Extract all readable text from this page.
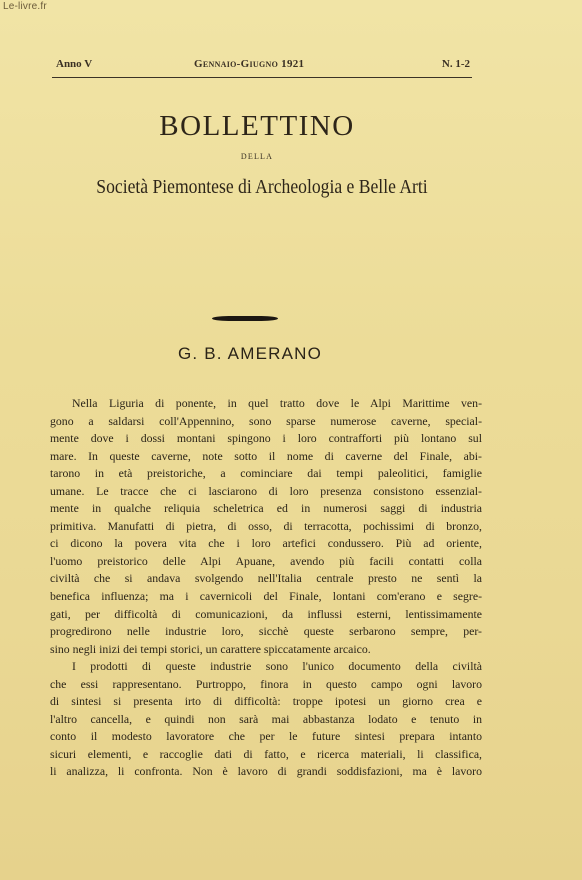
Le-livre.fr
Anno V	Gennaio-Giugno 1921	N. 1-2
BOLLETTINO
DELLA
Società Piemontese di Archeologia e Belle Arti
G. B. AMERANO
Nella Liguria di ponente, in quel tratto dove le Alpi Marittime ven-
gono a saldarsi coll'Appennino, sono sparse numerose caverne, special-
mente dove i dossi montani spingono i loro contrafforti più lontano sul
mare. In queste caverne, note sotto il nome di caverne del Finale, abi-
tarono in età preistoriche, a cominciare dai tempi paleolitici, famiglie
umane. Le tracce che ci lasciarono di loro presenza consistono essenzial-
mente in qualche reliquia scheletrica ed in numerosi saggi di industria
primitiva. Manufatti di pietra, di osso, di terracotta, pochissimi di bronzo,
ci dicono la povera vita che i loro artefici condussero. Più ad oriente,
l'uomo preistorico delle Alpi Apuane, avendo più facili contatti colla
civiltà che si andava svolgendo nell'Italia centrale presto ne sentì la
benefica influenza; ma i cavernicoli del Finale, lontani com'erano e segre-
gati, per difficoltà di comunicazioni, da influssi esterni, lentissimamente
progredirono nelle industrie loro, sicchè queste serbarono sempre, per-
sino negli inizi dei tempi storici, un carattere spiccatamente arcaico.
I prodotti di queste industrie sono l'unico documento della civiltà
che essi rappresentano. Purtroppo, finora in questo campo ogni lavoro
di sintesi si presenta irto di difficoltà: troppe ipotesi un giorno crea e
l'altro cancella, e quindi non sarà mai abbastanza lodato e tenuto in
conto il modesto lavoratore che per le future sintesi prepara intanto
sicuri elementi, e raccoglie dati di fatto, e ricerca materiali, li classifica,
li analizza, li confronta. Non è lavoro di grandi soddisfazioni, ma è lavoro
